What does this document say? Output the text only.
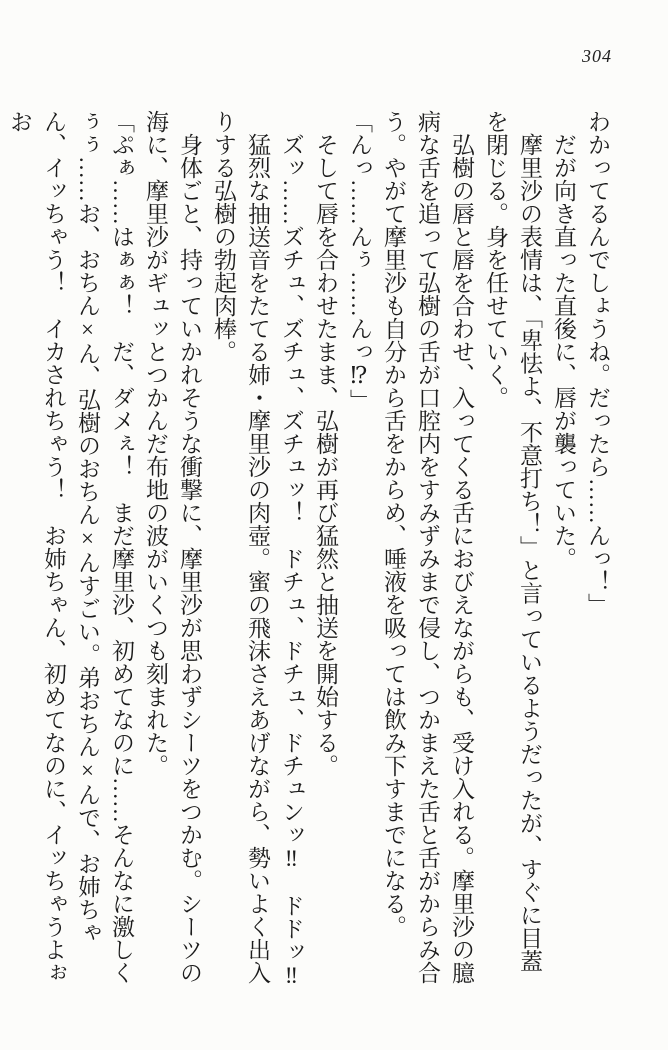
304

わかってるんでしょうね。だったら……んっ！」

だが向き直った直後に、唇が襲っていた。

摩里沙の表情は、「卑怯よ、不意打ち！」と言っているようだったが、すぐに目蓋を閉じる。身を任せていく。

弘樹の唇と唇を合わせ、入ってくる舌におびえながらも、受け入れる。摩里沙の臆病な舌を追って弘樹の舌が口腔内をすみずみまで侵し、つかまえた舌と舌がからみ合う。やがて摩里沙も自分から舌をからめ、唾液を吸っては飲み下すまでになる。

「んっ……んぅ……んっ⁉」

そして唇を合わせたまま、弘樹が再び猛然と抽送を開始する。

ズッ……ズチュ、ズチュ、ズチュッ！　ドチュ、ドチュ、ドチュンッ‼　ドドッ‼

猛烈な抽送音をたてる姉・摩里沙の肉壺。蜜の飛沫さえあげながら、勢いよく出入りする弘樹の勃起肉棒。

身体ごと、持っていかれそうな衝撃に、摩里沙が思わずシーツをつかむ。シーツの海に、摩里沙がギュッとつかんだ布地の波がいくつも刻まれた。

「ぷぁ……はぁぁ！　だ、ダメぇ！　まだ摩里沙、初めてなのに……そんなに激しくぅぅ……お、おちん×ん、弘樹のおちん×んすごい。弟おちん×んで、お姉ちゃん、イッちゃう！　イカされちゃう！　お姉ちゃん、初めてなのに、イッちゃうよぉお
